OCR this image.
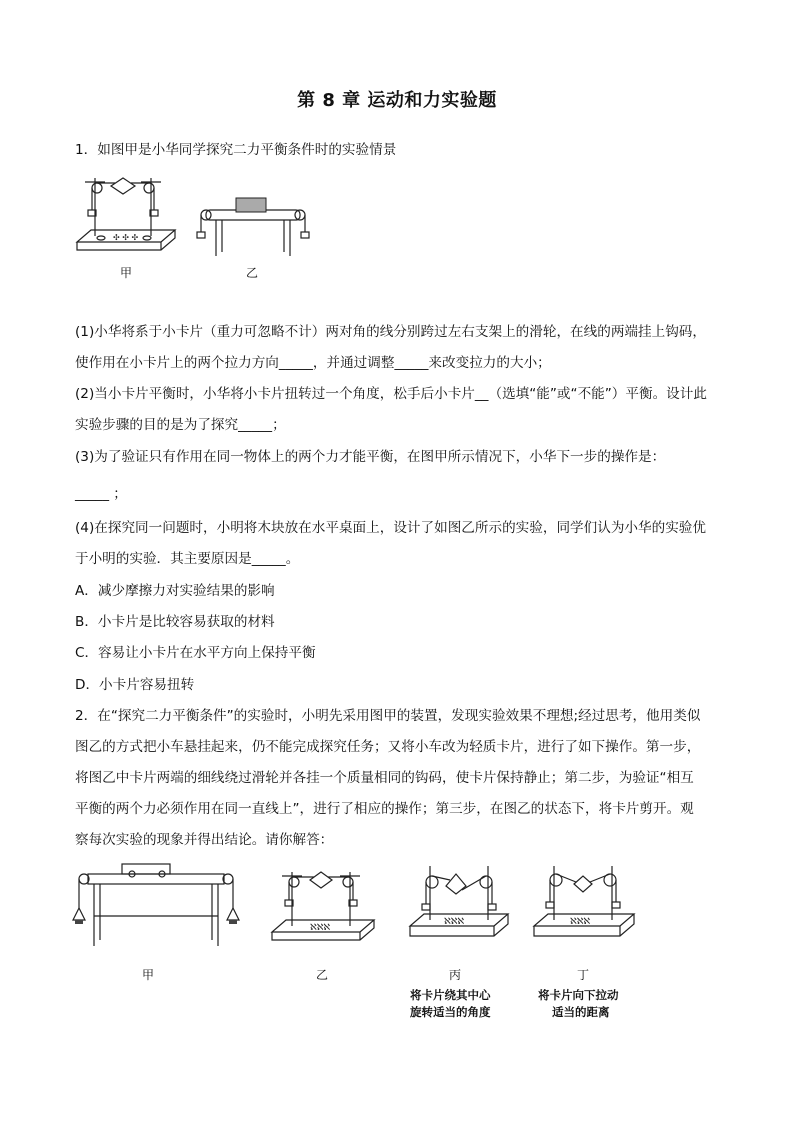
第 8 章 运动和力实验题
1．如图甲是小华同学探究二力平衡条件时的实验情景
✣ ✣ ✣
甲	乙
(1)小华将系于小卡片（重力可忽略不计）两对角的线分别跨过左右支架上的滑轮，在线的两端挂上钩码，
使作用在小卡片上的两个拉力方向_____，并通过调整_____来改变拉力的大小；
(2)当小卡片平衡时，小华将小卡片扭转过一个角度，松手后小卡片__（选填“能”或“不能”）平衡。设计此
实验步骤的目的是为了探究_____；
(3)为了验证只有作用在同一物体上的两个力才能平衡，在图甲所示情况下，小华下一步的操作是：
_____ ；
(4)在探究同一问题时，小明将木块放在水平桌面上，设计了如图乙所示的实验，同学们认为小华的实验优
于小明的实验．其主要原因是_____。
A．减少摩擦力对实验结果的影响
B．小卡片是比较容易获取的材料
C．容易让小卡片在水平方向上保持平衡
D．小卡片容易扭转
2．在“探究二力平衡条件”的实验时，小明先采用图甲的装置，发现实验效果不理想;经过思考，他用类似
图乙的方式把小车悬挂起来，仍不能完成探究任务；又将小车改为轻质卡片，进行了如下操作。第一步，
将图乙中卡片两端的细线绕过滑轮并各挂一个质量相同的钩码，使卡片保持静止；第二步，为验证“相互
平衡的两个力必须作用在同一直线上”，进行了相应的操作；第三步，在图乙的状态下，将卡片剪开。观
察每次实验的现象并得出结论。请你解答：
甲
ℵℵℵ
乙
ℵℵℵ
丙
将卡片绕其中心
旋转适当的角度
ℵℵℵ
丁
将卡片向下拉动
适当的距离
